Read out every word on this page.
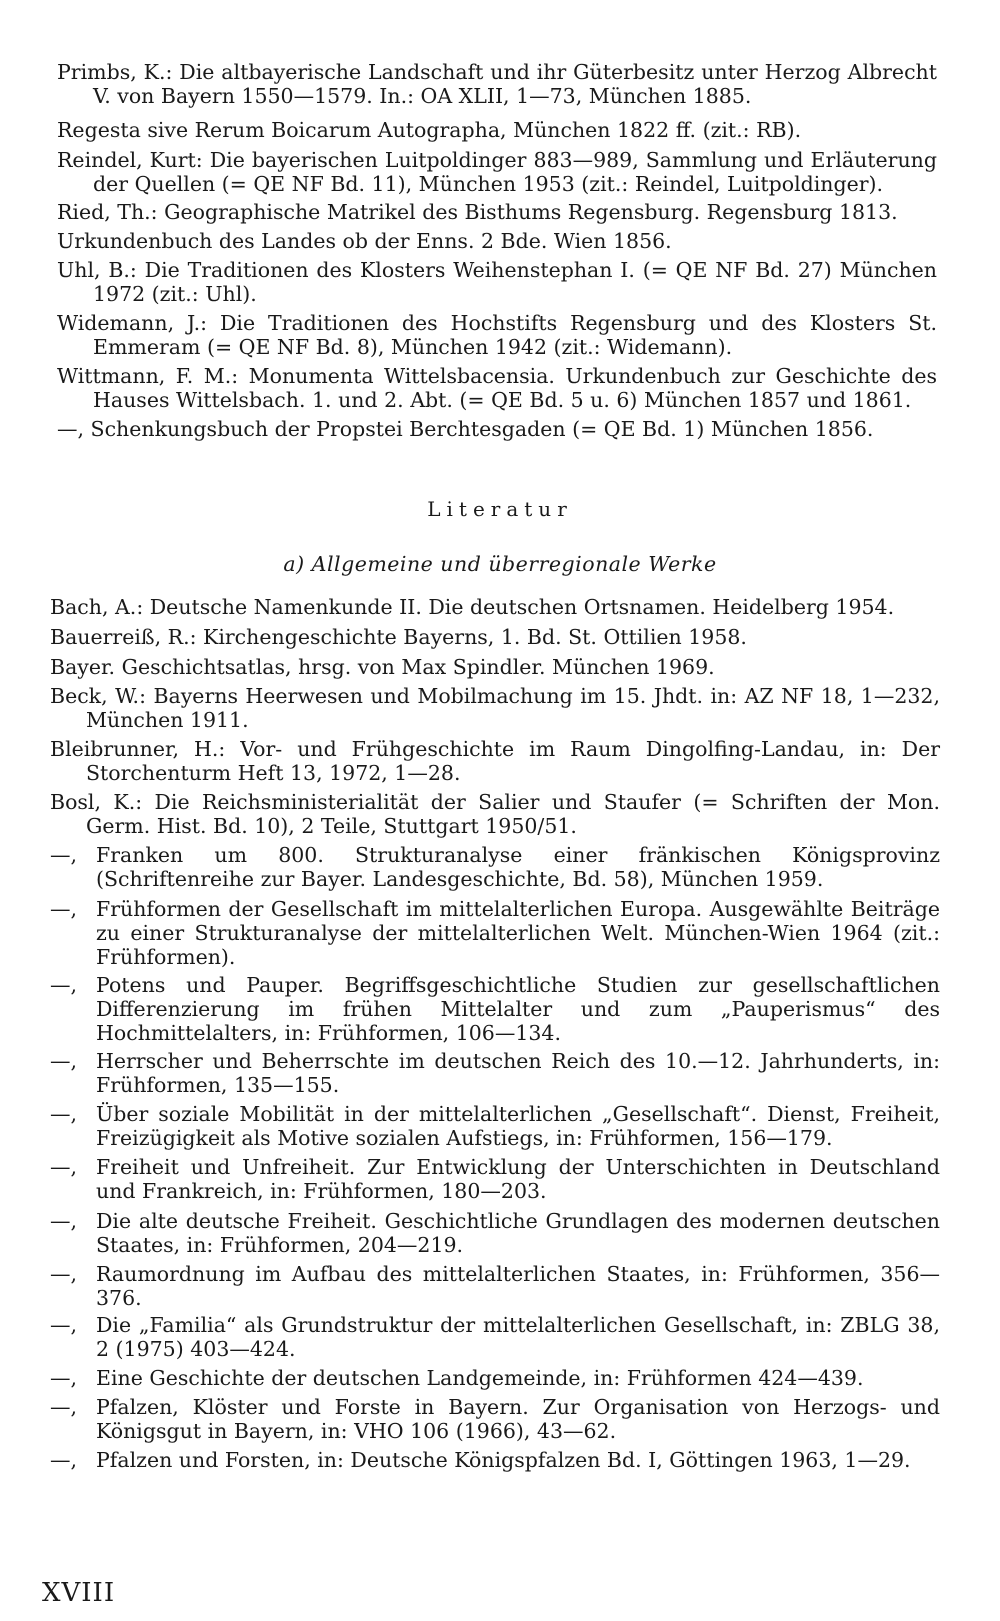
Primbs, K.: Die altbayerische Landschaft und ihr Güterbesitz unter Herzog Albrecht V. von Bayern 1550—1579. In.: OA XLII, 1—73, München 1885.
Regesta sive Rerum Boicarum Autographa, München 1822 ff. (zit.: RB).
Reindel, Kurt: Die bayerischen Luitpoldinger 883—989, Sammlung und Erläuterung der Quellen (= QE NF Bd. 11), München 1953 (zit.: Reindel, Luitpoldinger).
Ried, Th.: Geographische Matrikel des Bisthums Regensburg. Regensburg 1813.
Urkundenbuch des Landes ob der Enns. 2 Bde. Wien 1856.
Uhl, B.: Die Traditionen des Klosters Weihenstephan I. (= QE NF Bd. 27) München 1972 (zit.: Uhl).
Widemann, J.: Die Traditionen des Hochstifts Regensburg und des Klosters St. Emmeram (= QE NF Bd. 8), München 1942 (zit.: Widemann).
Wittmann, F. M.: Monumenta Wittelsbacensia. Urkundenbuch zur Geschichte des Hauses Wittelsbach. 1. und 2. Abt. (= QE Bd. 5 u. 6) München 1857 und 1861.
—, Schenkungsbuch der Propstei Berchtesgaden (= QE Bd. 1) München 1856.
Literatur
a) Allgemeine und überregionale Werke
Bach, A.: Deutsche Namenkunde II. Die deutschen Ortsnamen. Heidelberg 1954.
Bauerreiß, R.: Kirchengeschichte Bayerns, 1. Bd. St. Ottilien 1958.
Bayer. Geschichtsatlas, hrsg. von Max Spindler. München 1969.
Beck, W.: Bayerns Heerwesen und Mobilmachung im 15. Jhdt. in: AZ NF 18, 1—232, München 1911.
Bleibrunner, H.: Vor- und Frühgeschichte im Raum Dingolfing-Landau, in: Der Storchenturm Heft 13, 1972, 1—28.
Bosl, K.: Die Reichsministerialität der Salier und Staufer (= Schriften der Mon. Germ. Hist. Bd. 10), 2 Teile, Stuttgart 1950/51.
—, Franken um 800. Strukturanalyse einer fränkischen Königsprovinz (Schriftenreihe zur Bayer. Landesgeschichte, Bd. 58), München 1959.
—, Frühformen der Gesellschaft im mittelalterlichen Europa. Ausgewählte Beiträge zu einer Strukturanalyse der mittelalterlichen Welt. München-Wien 1964 (zit.: Frühformen).
—, Potens und Pauper. Begriffsgeschichtliche Studien zur gesellschaftlichen Differenzierung im frühen Mittelalter und zum „Pauperismus“ des Hochmittelalters, in: Frühformen, 106—134.
—, Herrscher und Beherrschte im deutschen Reich des 10.—12. Jahrhunderts, in: Frühformen, 135—155.
—, Über soziale Mobilität in der mittelalterlichen „Gesellschaft“. Dienst, Freiheit, Freizügigkeit als Motive sozialen Aufstiegs, in: Frühformen, 156—179.
—, Freiheit und Unfreiheit. Zur Entwicklung der Unterschichten in Deutschland und Frankreich, in: Frühformen, 180—203.
—, Die alte deutsche Freiheit. Geschichtliche Grundlagen des modernen deutschen Staates, in: Frühformen, 204—219.
—, Raumordnung im Aufbau des mittelalterlichen Staates, in: Frühformen, 356—376.
—, Die „Familia“ als Grundstruktur der mittelalterlichen Gesellschaft, in: ZBLG 38, 2 (1975) 403—424.
—, Eine Geschichte der deutschen Landgemeinde, in: Frühformen 424—439.
—, Pfalzen, Klöster und Forste in Bayern. Zur Organisation von Herzogs- und Königsgut in Bayern, in: VHO 106 (1966), 43—62.
—, Pfalzen und Forsten, in: Deutsche Königspfalzen Bd. I, Göttingen 1963, 1—29.
XVIII
